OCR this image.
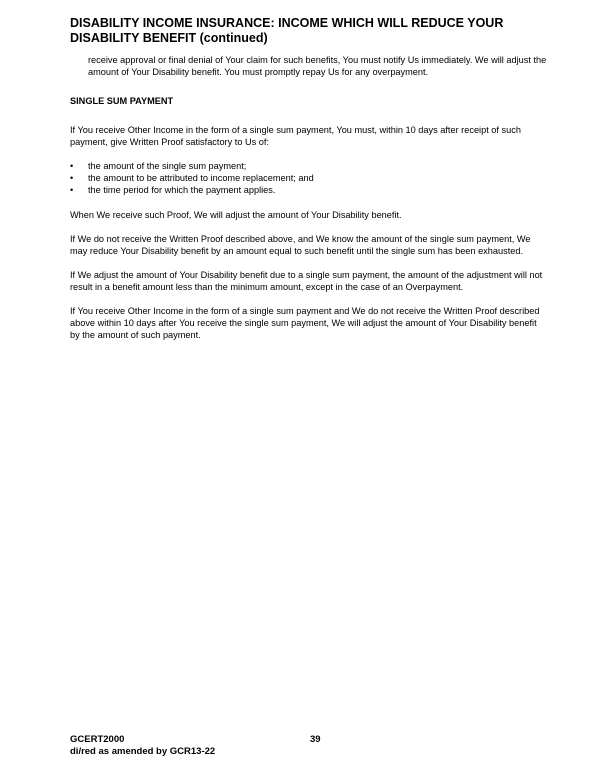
DISABILITY INCOME INSURANCE: INCOME WHICH WILL REDUCE YOUR
DISABILITY BENEFIT (continued)

receive approval or final denial of Your claim for such benefits, You must notify Us immediately. We will adjust the amount of Your Disability benefit. You must promptly repay Us for any overpayment.

SINGLE SUM PAYMENT

If You receive Other Income in the form of a single sum payment, You must, within 10 days after receipt of such payment, give Written Proof satisfactory to Us of:

• the amount of the single sum payment;
• the amount to be attributed to income replacement; and
• the time period for which the payment applies.

When We receive such Proof, We will adjust the amount of Your Disability benefit.

If We do not receive the Written Proof described above, and We know the amount of the single sum payment, We may reduce Your Disability benefit by an amount equal to such benefit until the single sum has been exhausted.

If We adjust the amount of Your Disability benefit due to a single sum payment, the amount of the adjustment will not result in a benefit amount less than the minimum amount, except in the case of an Overpayment.

If You receive Other Income in the form of a single sum payment and We do not receive the Written Proof described above within 10 days after You receive the single sum payment, We will adjust the amount of Your Disability benefit by the amount of such payment.

GCERT2000
di/red as amended by GCR13-22
39
